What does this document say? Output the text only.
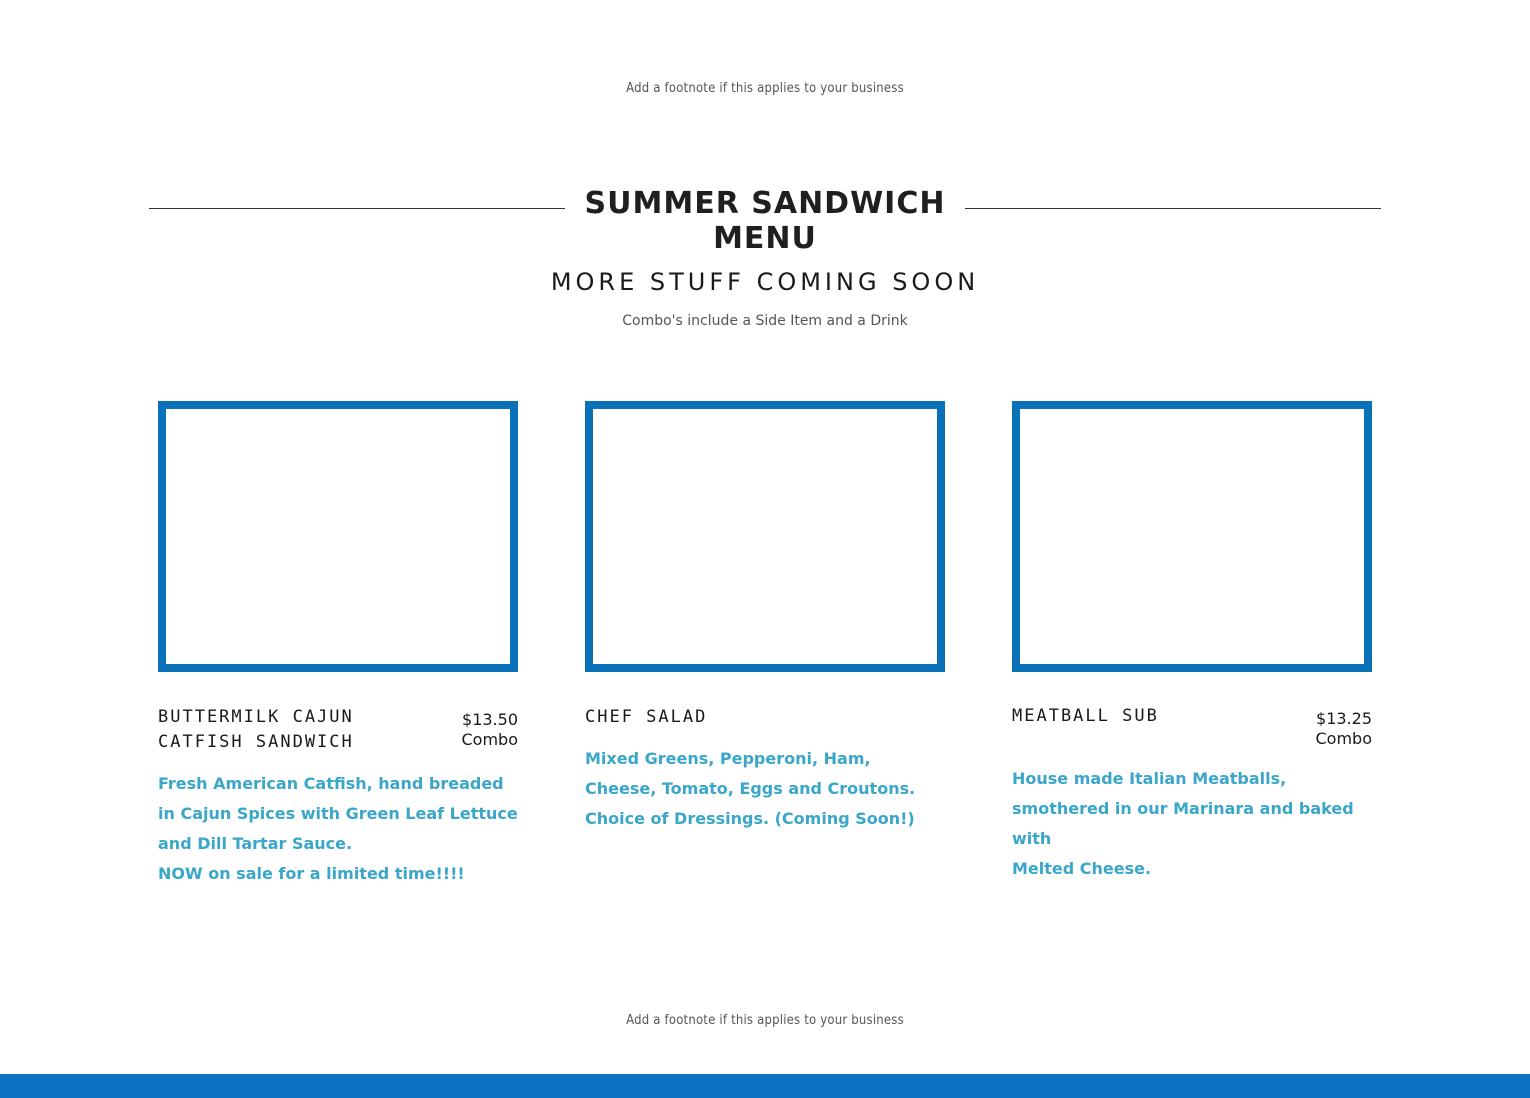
Add a footnote if this applies to your business
SUMMER SANDWICH MENU
MORE STUFF COMING SOON
Combo's include a Side Item and a Drink
BUTTERMILK CAJUN CATFISH SANDWICH
$13.50
Combo
Fresh American Catfish, hand breaded in Cajun Spices with Green Leaf Lettuce and Dill Tartar Sauce.
NOW on sale for a limited time!!!!
CHEF SALAD
Mixed Greens, Pepperoni, Ham, Cheese, Tomato, Eggs and Croutons. Choice of Dressings. (Coming Soon!)
MEATBALL SUB	$13.25
Combo
House made Italian Meatballs, smothered in our Marinara and baked with
Melted Cheese.
Add a footnote if this applies to your business
